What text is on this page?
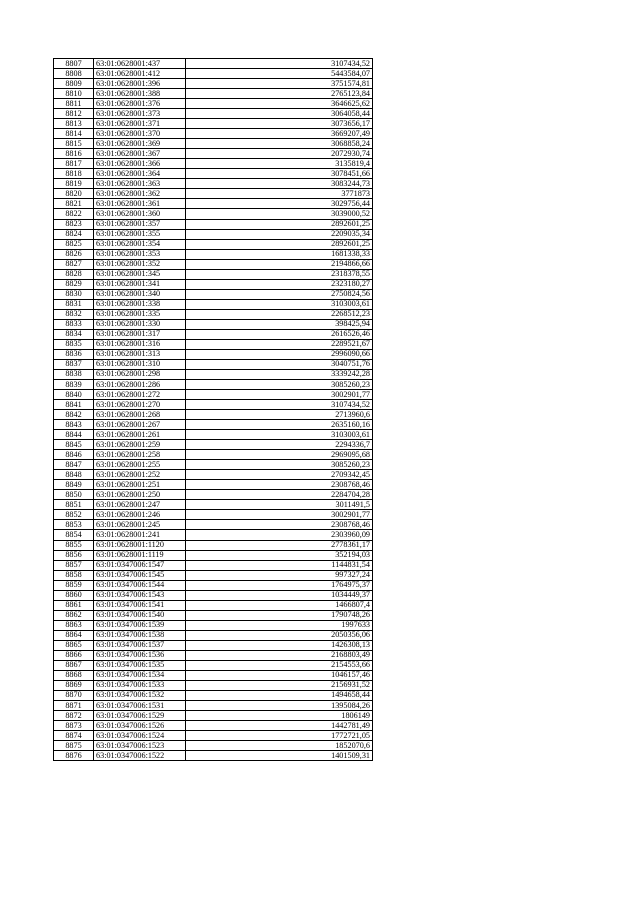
8807	63:01:0628001:437	3107434,52
8808	63:01:0628001:412	5443584,07
8809	63:01:0628001:396	3751574,81
8810	63:01:0628001:388	2765123,84
8811	63:01:0628001:376	3646625,62
8812	63:01:0628001:373	3064058,44
8813	63:01:0628001:371	3073656,17
8814	63:01:0628001:370	3669207,49
8815	63:01:0628001:369	3068858,24
8816	63:01:0628001:367	2072930,74
8817	63:01:0628001:366	3135819,4
8818	63:01:0628001:364	3078451,66
8819	63:01:0628001:363	3083244,73
8820	63:01:0628001:362	3771873
8821	63:01:0628001:361	3029756,44
8822	63:01:0628001:360	3039000,52
8823	63:01:0628001:357	2892601,25
8824	63:01:0628001:355	2209035,34
8825	63:01:0628001:354	2892601,25
8826	63:01:0628001:353	1681338,33
8827	63:01:0628001:352	2194866,66
8828	63:01:0628001:345	2318378,55
8829	63:01:0628001:341	2323180,27
8830	63:01:0628001:340	2750824,56
8831	63:01:0628001:338	3103003,61
8832	63:01:0628001:335	2268512,23
8833	63:01:0628001:330	398425,94
8834	63:01:0628001:317	2616526,46
8835	63:01:0628001:316	2289521,67
8836	63:01:0628001:313	2996090,66
8837	63:01:0628001:310	3040751,76
8838	63:01:0628001:298	3339242,28
8839	63:01:0628001:286	3085260,23
8840	63:01:0628001:272	3002901,77
8841	63:01:0628001:270	3107434,52
8842	63:01:0628001:268	2713960,6
8843	63:01:0628001:267	2635160,16
8844	63:01:0628001:261	3103003,61
8845	63:01:0628001:259	2294336,7
8846	63:01:0628001:258	2969095,68
8847	63:01:0628001:255	3085260,23
8848	63:01:0628001:252	2709342,45
8849	63:01:0628001:251	2308768,46
8850	63:01:0628001:250	2284704,28
8851	63:01:0628001:247	3011491,5
8852	63:01:0628001:246	3002901,77
8853	63:01:0628001:245	2308768,46
8854	63:01:0628001:241	2303960,09
8855	63:01:0628001:1120	2778361,17
8856	63:01:0628001:1119	352194,03
8857	63:01:0347006:1547	1144831,54
8858	63:01:0347006:1545	997327,24
8859	63:01:0347006:1544	1764975,37
8860	63:01:0347006:1543	1034449,37
8861	63:01:0347006:1541	1466807,4
8862	63:01:0347006:1540	1790748,26
8863	63:01:0347006:1539	1997633
8864	63:01:0347006:1538	2050356,06
8865	63:01:0347006:1537	1426308,13
8866	63:01:0347006:1536	2168803,49
8867	63:01:0347006:1535	2154553,66
8868	63:01:0347006:1534	1046157,46
8869	63:01:0347006:1533	2156931,52
8870	63:01:0347006:1532	1494658,44
8871	63:01:0347006:1531	1395084,26
8872	63:01:0347006:1529	1806149
8873	63:01:0347006:1526	1442781,49
8874	63:01:0347006:1524	1772721,05
8875	63:01:0347006:1523	1852070,6
8876	63:01:0347006:1522	1401509,31
